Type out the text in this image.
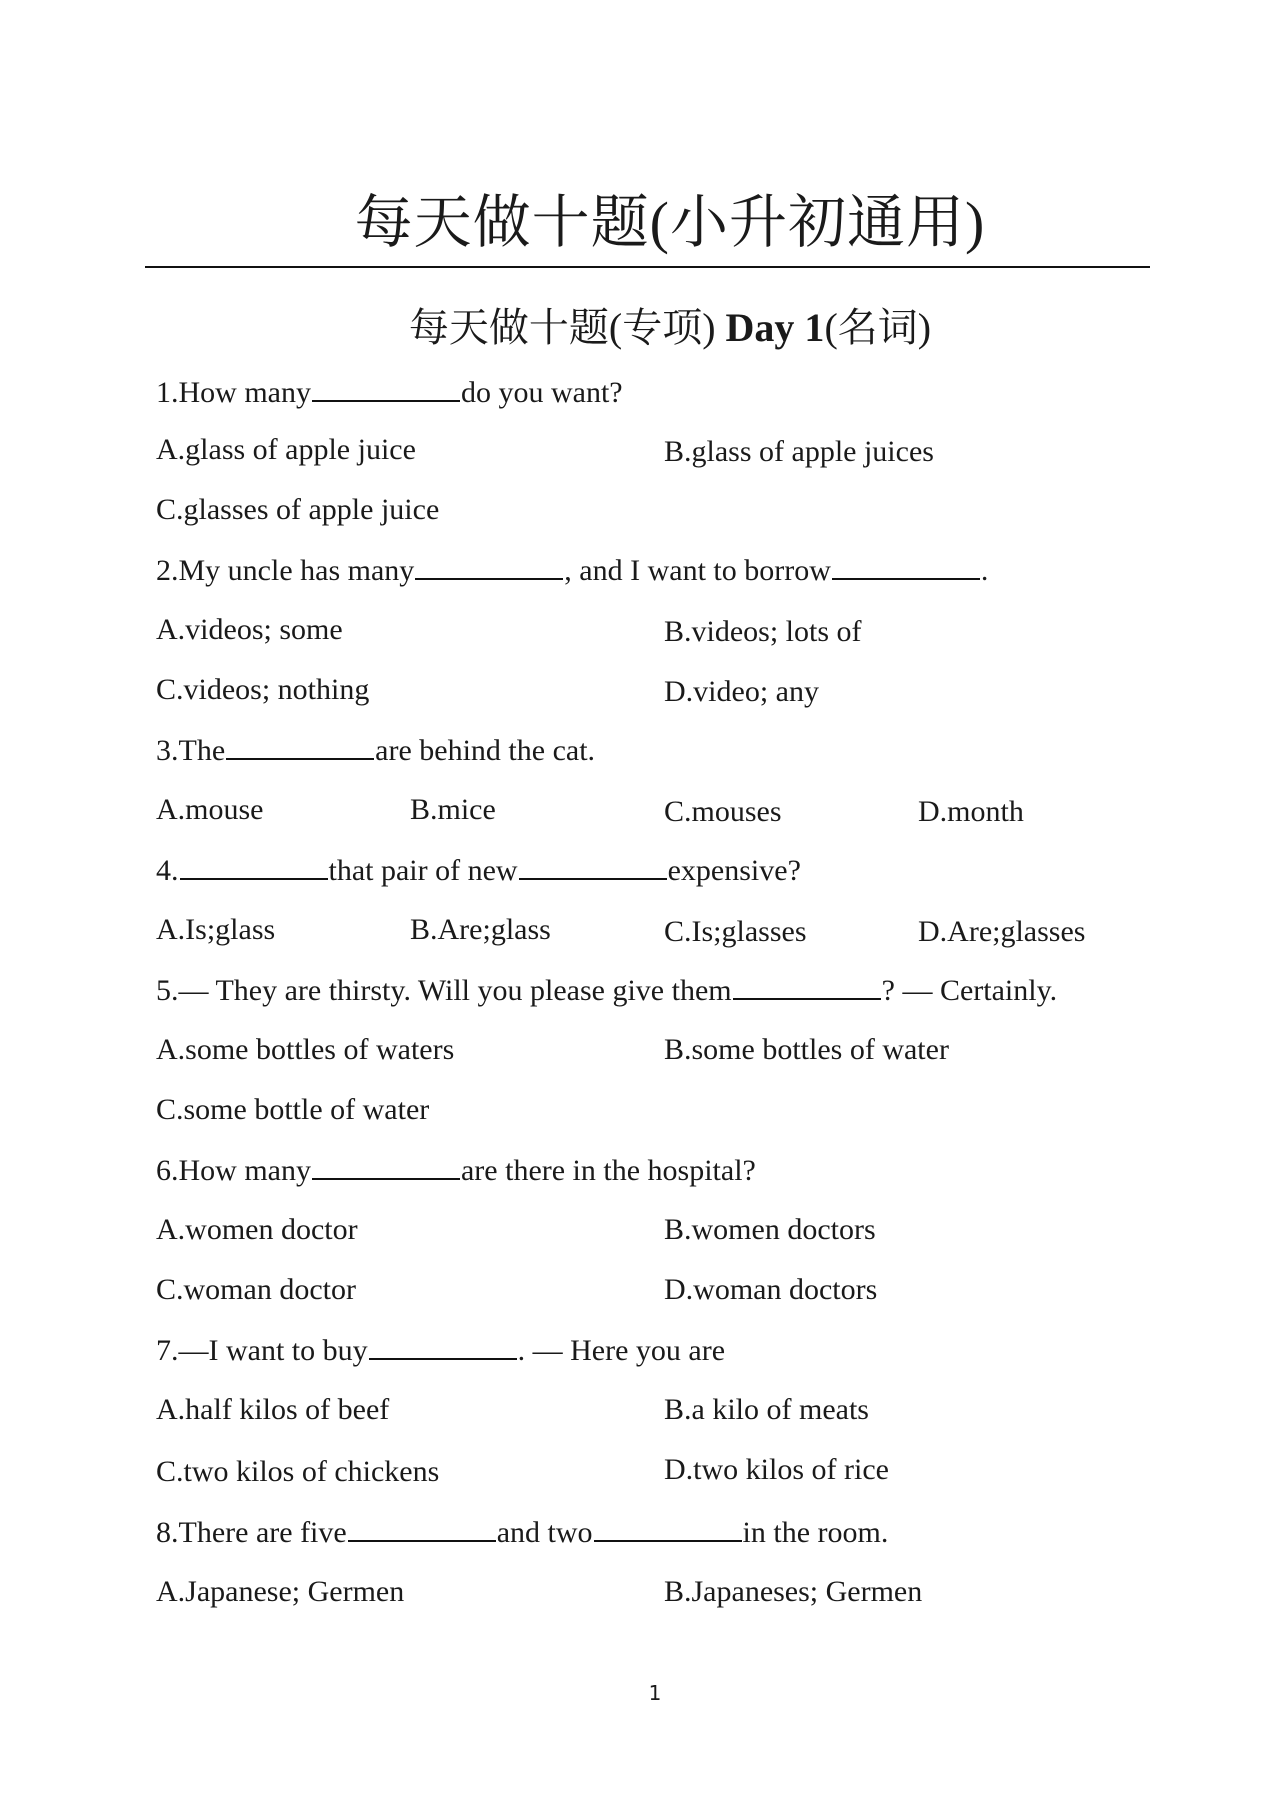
每天做十题(小升初通用)
每天做十题(专项) Day 1(名词)
1.How many	do you want?
A.glass of apple juice	B.glass of apple juices
C.glasses of apple juice
2.My uncle has many	, and I want to borrow	.
A.videos; some	B.videos; lots of
C.videos; nothing	D.video; any
3.The	are behind the cat.
A.mouse	B.mice	C.mouses	D.month
4.	that pair of new	expensive?
A.Is;glass	B.Are;glass	C.Is;glasses	D.Are;glasses
5.— They are thirsty. Will you please give them	? — Certainly.
A.some bottles of waters	B.some bottles of water
C.some bottle of water
6.How many	are there in the hospital?
A.women doctor	B.women doctors
C.woman doctor	D.woman doctors
7.—I want to buy	. — Here you are
A.half kilos of beef	B.a kilo of meats
C.two kilos of chickens	D.two kilos of rice
8.There are five	and two	in the room.
A.Japanese; Germen	B.Japaneses; Germen
1
